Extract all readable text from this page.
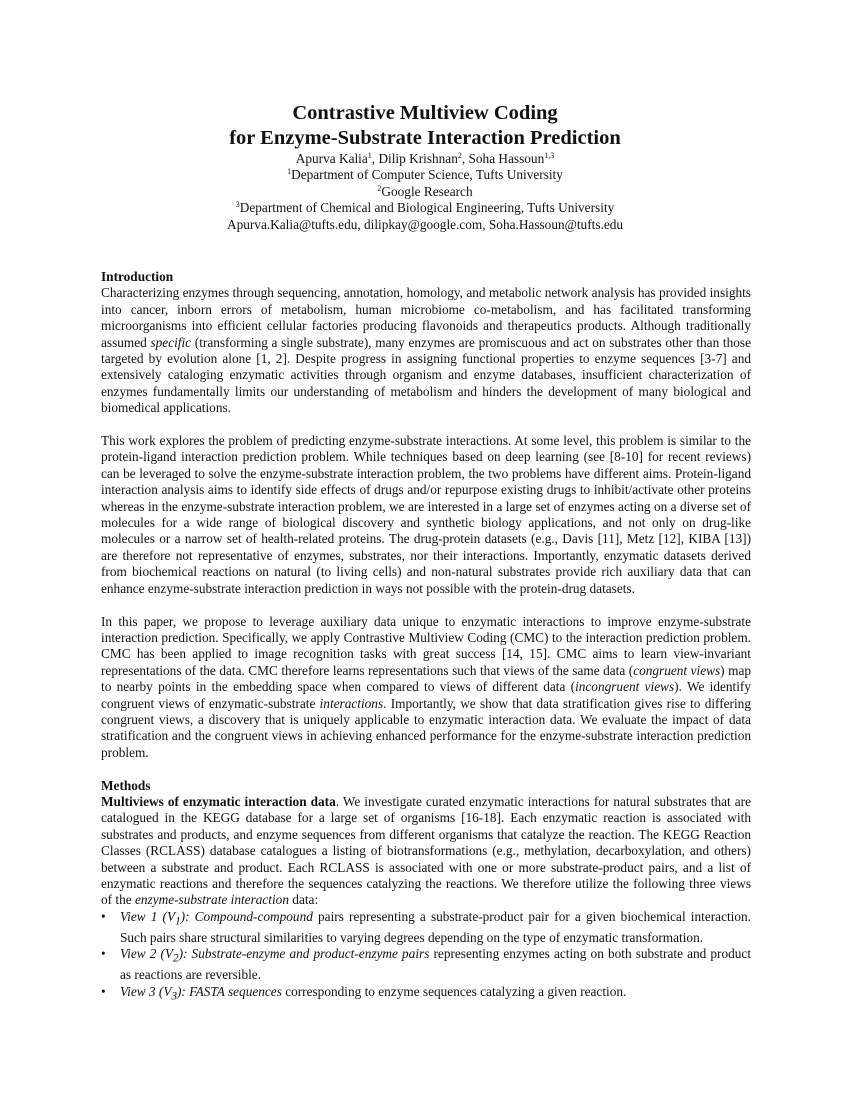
Contrastive Multiview Coding
for Enzyme-Substrate Interaction Prediction
Apurva Kalia$^1$, Dilip Krishnan$^2$, Soha Hassoun$^{1,3}$
$^1$Department of Computer Science, Tufts University
$^2$Google Research
$^3$Department of Chemical and Biological Engineering, Tufts University
Apurva.Kalia@tufts.edu, dilipkay@google.com, Soha.Hassoun@tufts.edu
Introduction

Characterizing enzymes through sequencing, annotation, homology, and metabolic network analysis has provided insights into cancer, inborn errors of metabolism, human microbiome co-metabolism, and has facilitated transforming microorganisms into efficient cellular factories producing flavonoids and therapeutics products. Although traditionally assumed specific (transforming a single substrate), many enzymes are promiscuous and act on substrates other than those targeted by evolution alone [1, 2]. Despite progress in assigning functional properties to enzyme sequences [3-7] and extensively cataloging enzymatic activities through organism and enzyme databases, insufficient characterization of enzymes fundamentally limits our understanding of metabolism and hinders the development of many biological and biomedical applications.

This work explores the problem of predicting enzyme-substrate interactions. At some level, this problem is similar to the protein-ligand interaction prediction problem. While techniques based on deep learning (see [8-10] for recent reviews) can be leveraged to solve the enzyme-substrate interaction problem, the two problems have different aims. Protein-ligand interaction analysis aims to identify side effects of drugs and/or repurpose existing drugs to inhibit/activate other proteins whereas in the enzyme-substrate interaction problem, we are interested in a large set of enzymes acting on a diverse set of molecules for a wide range of biological discovery and synthetic biology applications, and not only on drug-like molecules or a narrow set of health-related proteins. The drug-protein datasets (e.g., Davis [11], Metz [12], KIBA [13]) are therefore not representative of enzymes, substrates, nor their interactions. Importantly, enzymatic datasets derived from biochemical reactions on natural (to living cells) and non-natural substrates provide rich auxiliary data that can enhance enzyme-substrate interaction prediction in ways not possible with the protein-drug datasets.

In this paper, we propose to leverage auxiliary data unique to enzymatic interactions to improve enzyme-substrate interaction prediction. Specifically, we apply Contrastive Multiview Coding (CMC) to the interaction prediction problem. CMC has been applied to image recognition tasks with great success [14, 15]. CMC aims to learn view-invariant representations of the data. CMC therefore learns representations such that views of the same data (congruent views) map to nearby points in the embedding space when compared to views of different data (incongruent views). We identify congruent views of enzymatic-substrate interactions. Importantly, we show that data stratification gives rise to differing congruent views, a discovery that is uniquely applicable to enzymatic interaction data. We evaluate the impact of data stratification and the congruent views in achieving enhanced performance for the enzyme-substrate interaction prediction problem.

Methods

Multiviews of enzymatic interaction data. We investigate curated enzymatic interactions for natural substrates that are catalogued in the KEGG database for a large set of organisms [16-18]. Each enzymatic reaction is associated with substrates and products, and enzyme sequences from different organisms that catalyze the reaction. The KEGG Reaction Classes (RCLASS) database catalogues a listing of biotransformations (e.g., methylation, decarboxylation, and others) between a substrate and product. Each RCLASS is associated with one or more substrate-product pairs, and a list of enzymatic reactions and therefore the sequences catalyzing the reactions. We therefore utilize the following three views of the enzyme-substrate interaction data:

• View 1 $(V_1)$: Compound-compound pairs representing a substrate-product pair for a given biochemical interaction. Such pairs share structural similarities to varying degrees depending on the type of enzymatic transformation.
• View 2 $(V_2)$: Substrate-enzyme and product-enzyme pairs representing enzymes acting on both substrate and product as reactions are reversible.
• View 3 $(V_3)$: FASTA sequences corresponding to enzyme sequences catalyzing a given reaction.
